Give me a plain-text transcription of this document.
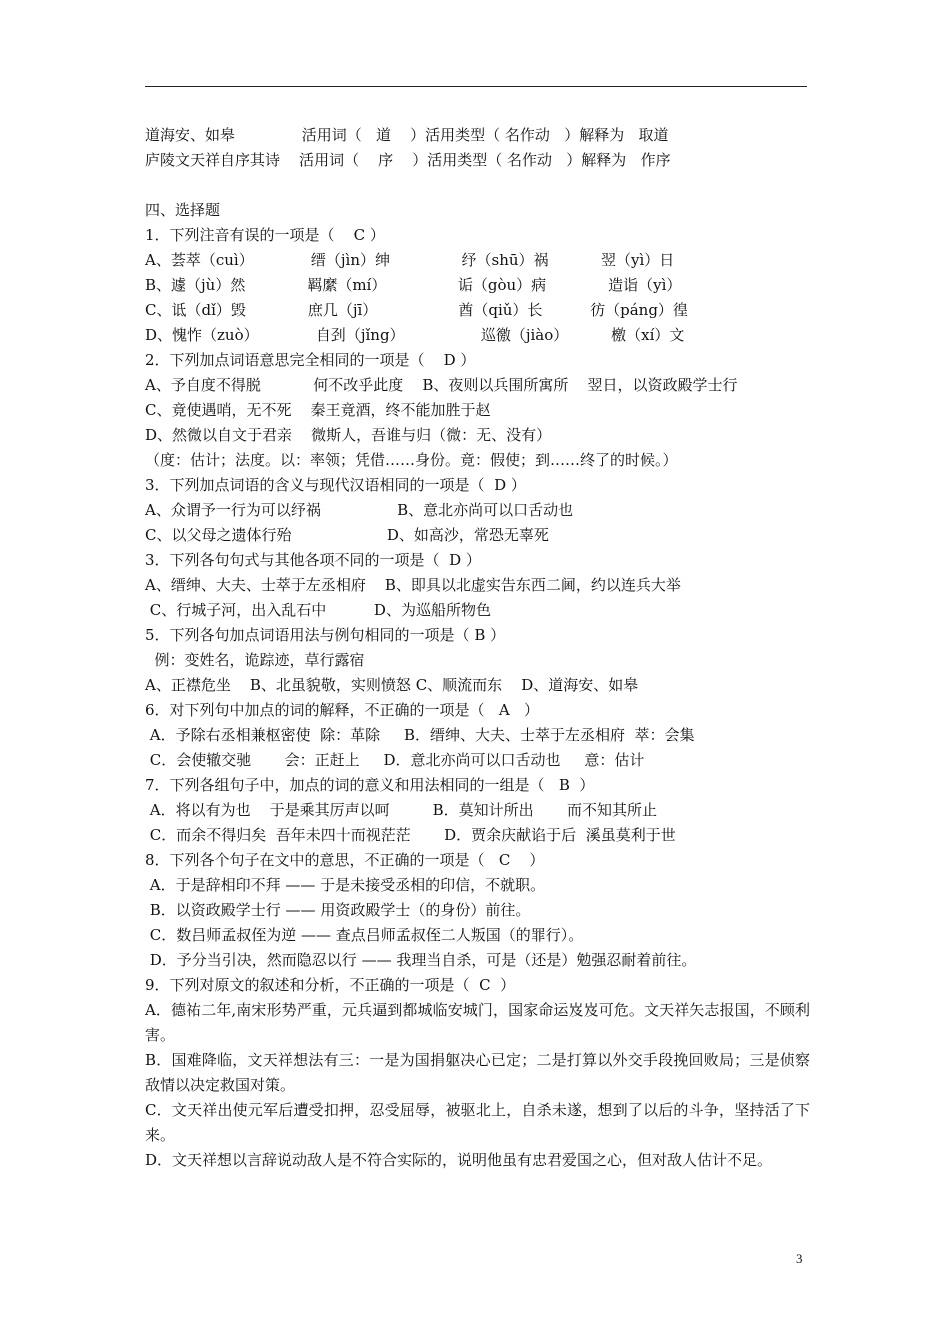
道海安、如皋              活用词（   道    ）活用类型（ 名作动   ）解释为   取道
庐陵文天祥自序其诗    活用词（    序    ）活用类型（ 名作动   ）解释为   作序
四、选择题
1．下列注音有误的一项是（    C ）
A、荟萃（cuì）            缙（jìn）绅               纾（shū）祸           翌（yì）日
B、遽（jù）然             羁縻（mí）               诟（gòu）病             造诣（yì）
C、诋（dǐ）毁             庶几（jī）                 酋（qiǔ）长          彷（páng）徨
D、愧怍（zuò）            自刭（jǐng）                巡徼（jiào）         檄（xí）文
2．下列加点词语意思完全相同的一项是（    D ）
A、予自度不得脱           何不改乎此度    B、夜则以兵围所寓所    翌日，以资政殿学士行
C、竟使遇哨，无不死    秦王竟酒，终不能加胜于赵
D、然微以自文于君亲    微斯人，吾谁与归（微：无、没有）
（度：估计；法度。以：率领；凭借……身份。竟：假使；到……终了的时候。）
3．下列加点词语的含义与现代汉语相同的一项是（  D ）
A、众谓予一行为可以纾祸                B、意北亦尚可以口舌动也
C、以父母之遗体行殆                    D、如高沙，常恐无辜死
3．下列各句句式与其他各项不同的一项是（  D ）
A、缙绅、大夫、士萃于左丞相府    B、即具以北虚实告东西二阃，约以连兵大举
C、行城子河，出入乱石中          D、为巡船所物色
5．下列各句加点词语用法与例句相同的一项是（ B ）
例：变姓名，诡踪迹，草行露宿
A、正襟危坐    B、北虽貌敬，实则愤怒 C、顺流而东    D、道海安、如皋
6．对下列句中加点的词的解释，不正确的一项是（   A   ）
A．予除右丞相兼枢密使  除：革除     B．缙绅、大夫、士萃于左丞相府  萃：会集
C．会使辙交驰       会：正赶上     D．意北亦尚可以口舌动也     意：估计
7．下列各组句子中，加点的词的意义和用法相同的一组是（   B  ）
A．将以有为也    于是乘其厉声以呵         B．莫知计所出       而不知其所止
C．而余不得归矣  吾年未四十而视茫茫       D．贾余庆献谄于后  溪虽莫利于世
8．下列各个句子在文中的意思，不正确的一项是（   C    ）
A．于是辞相印不拜 —— 于是未接受丞相的印信，不就职。
B．以资政殿学士行 —— 用资政殿学士（的身份）前往。
C．数吕师孟叔侄为逆 —— 查点吕师孟叔侄二人叛国（的罪行）。
D．予分当引决，然而隐忍以行 —— 我理当自杀，可是（还是）勉强忍耐着前往。
9．下列对原文的叙述和分析，不正确的一项是（  C  ）
A．德祐二年,南宋形势严重，元兵逼到都城临安城门，国家命运岌岌可危。文天祥矢志报国，不顾利害。
B．国难降临，文天祥想法有三：一是为国捐躯决心已定；二是打算以外交手段挽回败局；三是侦察敌情以决定救国对策。
C．文天祥出使元军后遭受扣押，忍受屈辱，被驱北上，自杀未遂，想到了以后的斗争，坚持活了下来。
D．文天祥想以言辞说动敌人是不符合实际的，说明他虽有忠君爱国之心，但对敌人估计不足。
3
